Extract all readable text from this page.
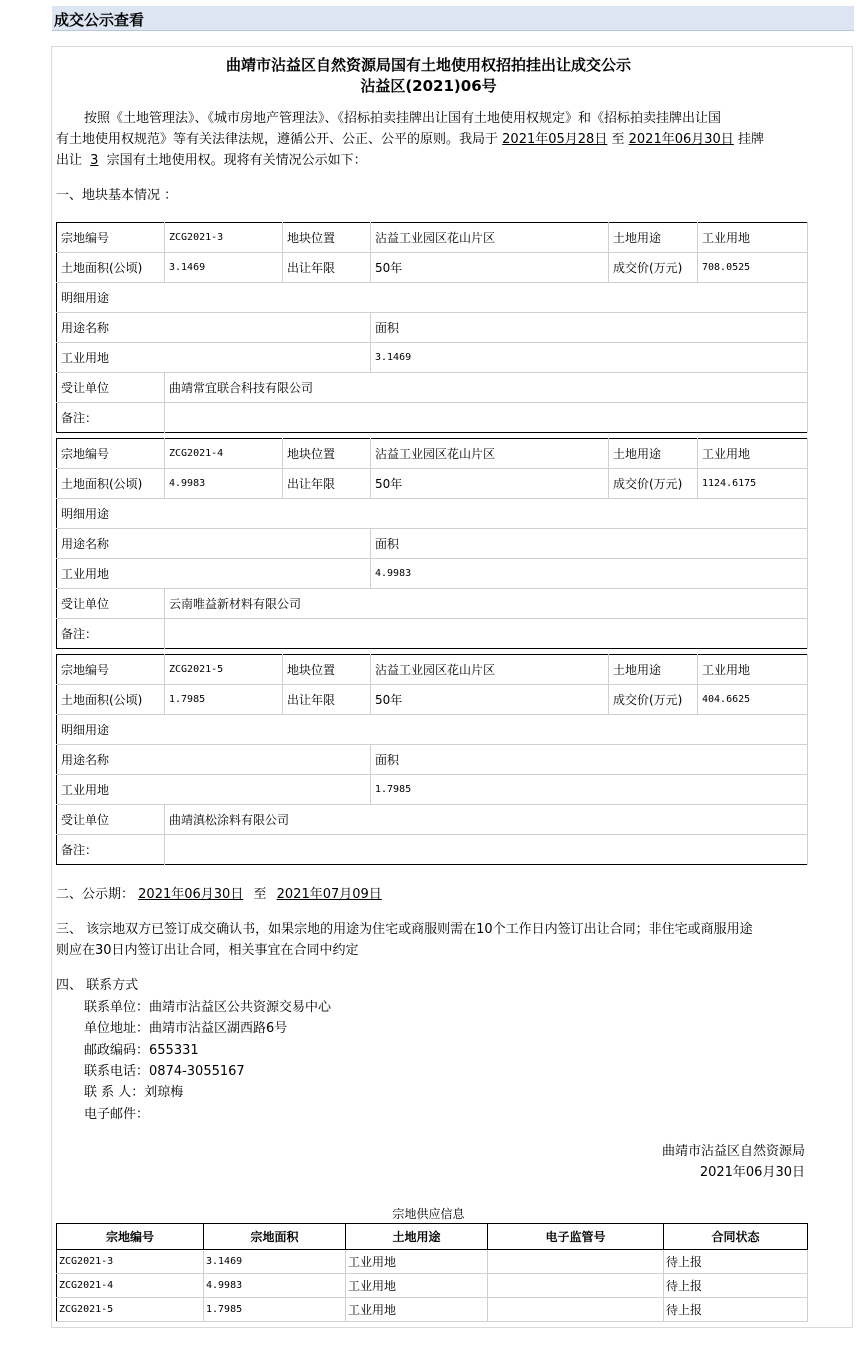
成交公示查看
曲靖市沾益区自然资源局国有土地使用权招拍挂出让成交公示
沾益区(2021)06号
按照《土地管理法》、《城市房地产管理法》、《招标拍卖挂牌出让国有土地使用权规定》和《招标拍卖挂牌出让国
有土地使用权规范》等有关法律法规，遵循公开、公正、公平的原则。我局于 2021年05月28日 至 2021年06月30日 挂牌
出让 3 宗国有土地使用权。现将有关情况公示如下：
一、地块基本情况 ：
宗地编号	ZCG2021-3	地块位置	沾益工业园区花山片区	土地用途	工业用地
土地面积(公顷)	3.1469	出让年限	50年	成交价(万元)	708.0525
明细用途					
用途名称			面积		
工业用地			3.1469		
受让单位	曲靖常宜联合科技有限公司				
备注：					
宗地编号	ZCG2021-4	地块位置	沾益工业园区花山片区	土地用途	工业用地
土地面积(公顷)	4.9983	出让年限	50年	成交价(万元)	1124.6175
明细用途					
用途名称			面积		
工业用地			4.9983		
受让单位	云南唯益新材料有限公司				
备注：					
宗地编号	ZCG2021-5	地块位置	沾益工业园区花山片区	土地用途	工业用地
土地面积(公顷)	1.7985	出让年限	50年	成交价(万元)	404.6625
明细用途					
用途名称			面积		
工业用地			1.7985		
受让单位	曲靖滇松涂料有限公司				
备注：					
二、公示期： 2021年06月30日 至 2021年07月09日
三、 该宗地双方已签订成交确认书，如果宗地的用途为住宅或商服则需在10个工作日内签订出让合同；非住宅或商服用途
则应在30日内签订出让合同，相关事宜在合同中约定
四、 联系方式
联系单位：曲靖市沾益区公共资源交易中心
单位地址：曲靖市沾益区湖西路6号
邮政编码：655331
联系电话：0874-3055167
联 系 人：刘琼梅
电子邮件：
曲靖市沾益区自然资源局
2021年06月30日
宗地供应信息
宗地编号	宗地面积	土地用途	电子监管号	合同状态
ZCG2021-3	3.1469	工业用地		待上报
ZCG2021-4	4.9983	工业用地		待上报
ZCG2021-5	1.7985	工业用地		待上报
